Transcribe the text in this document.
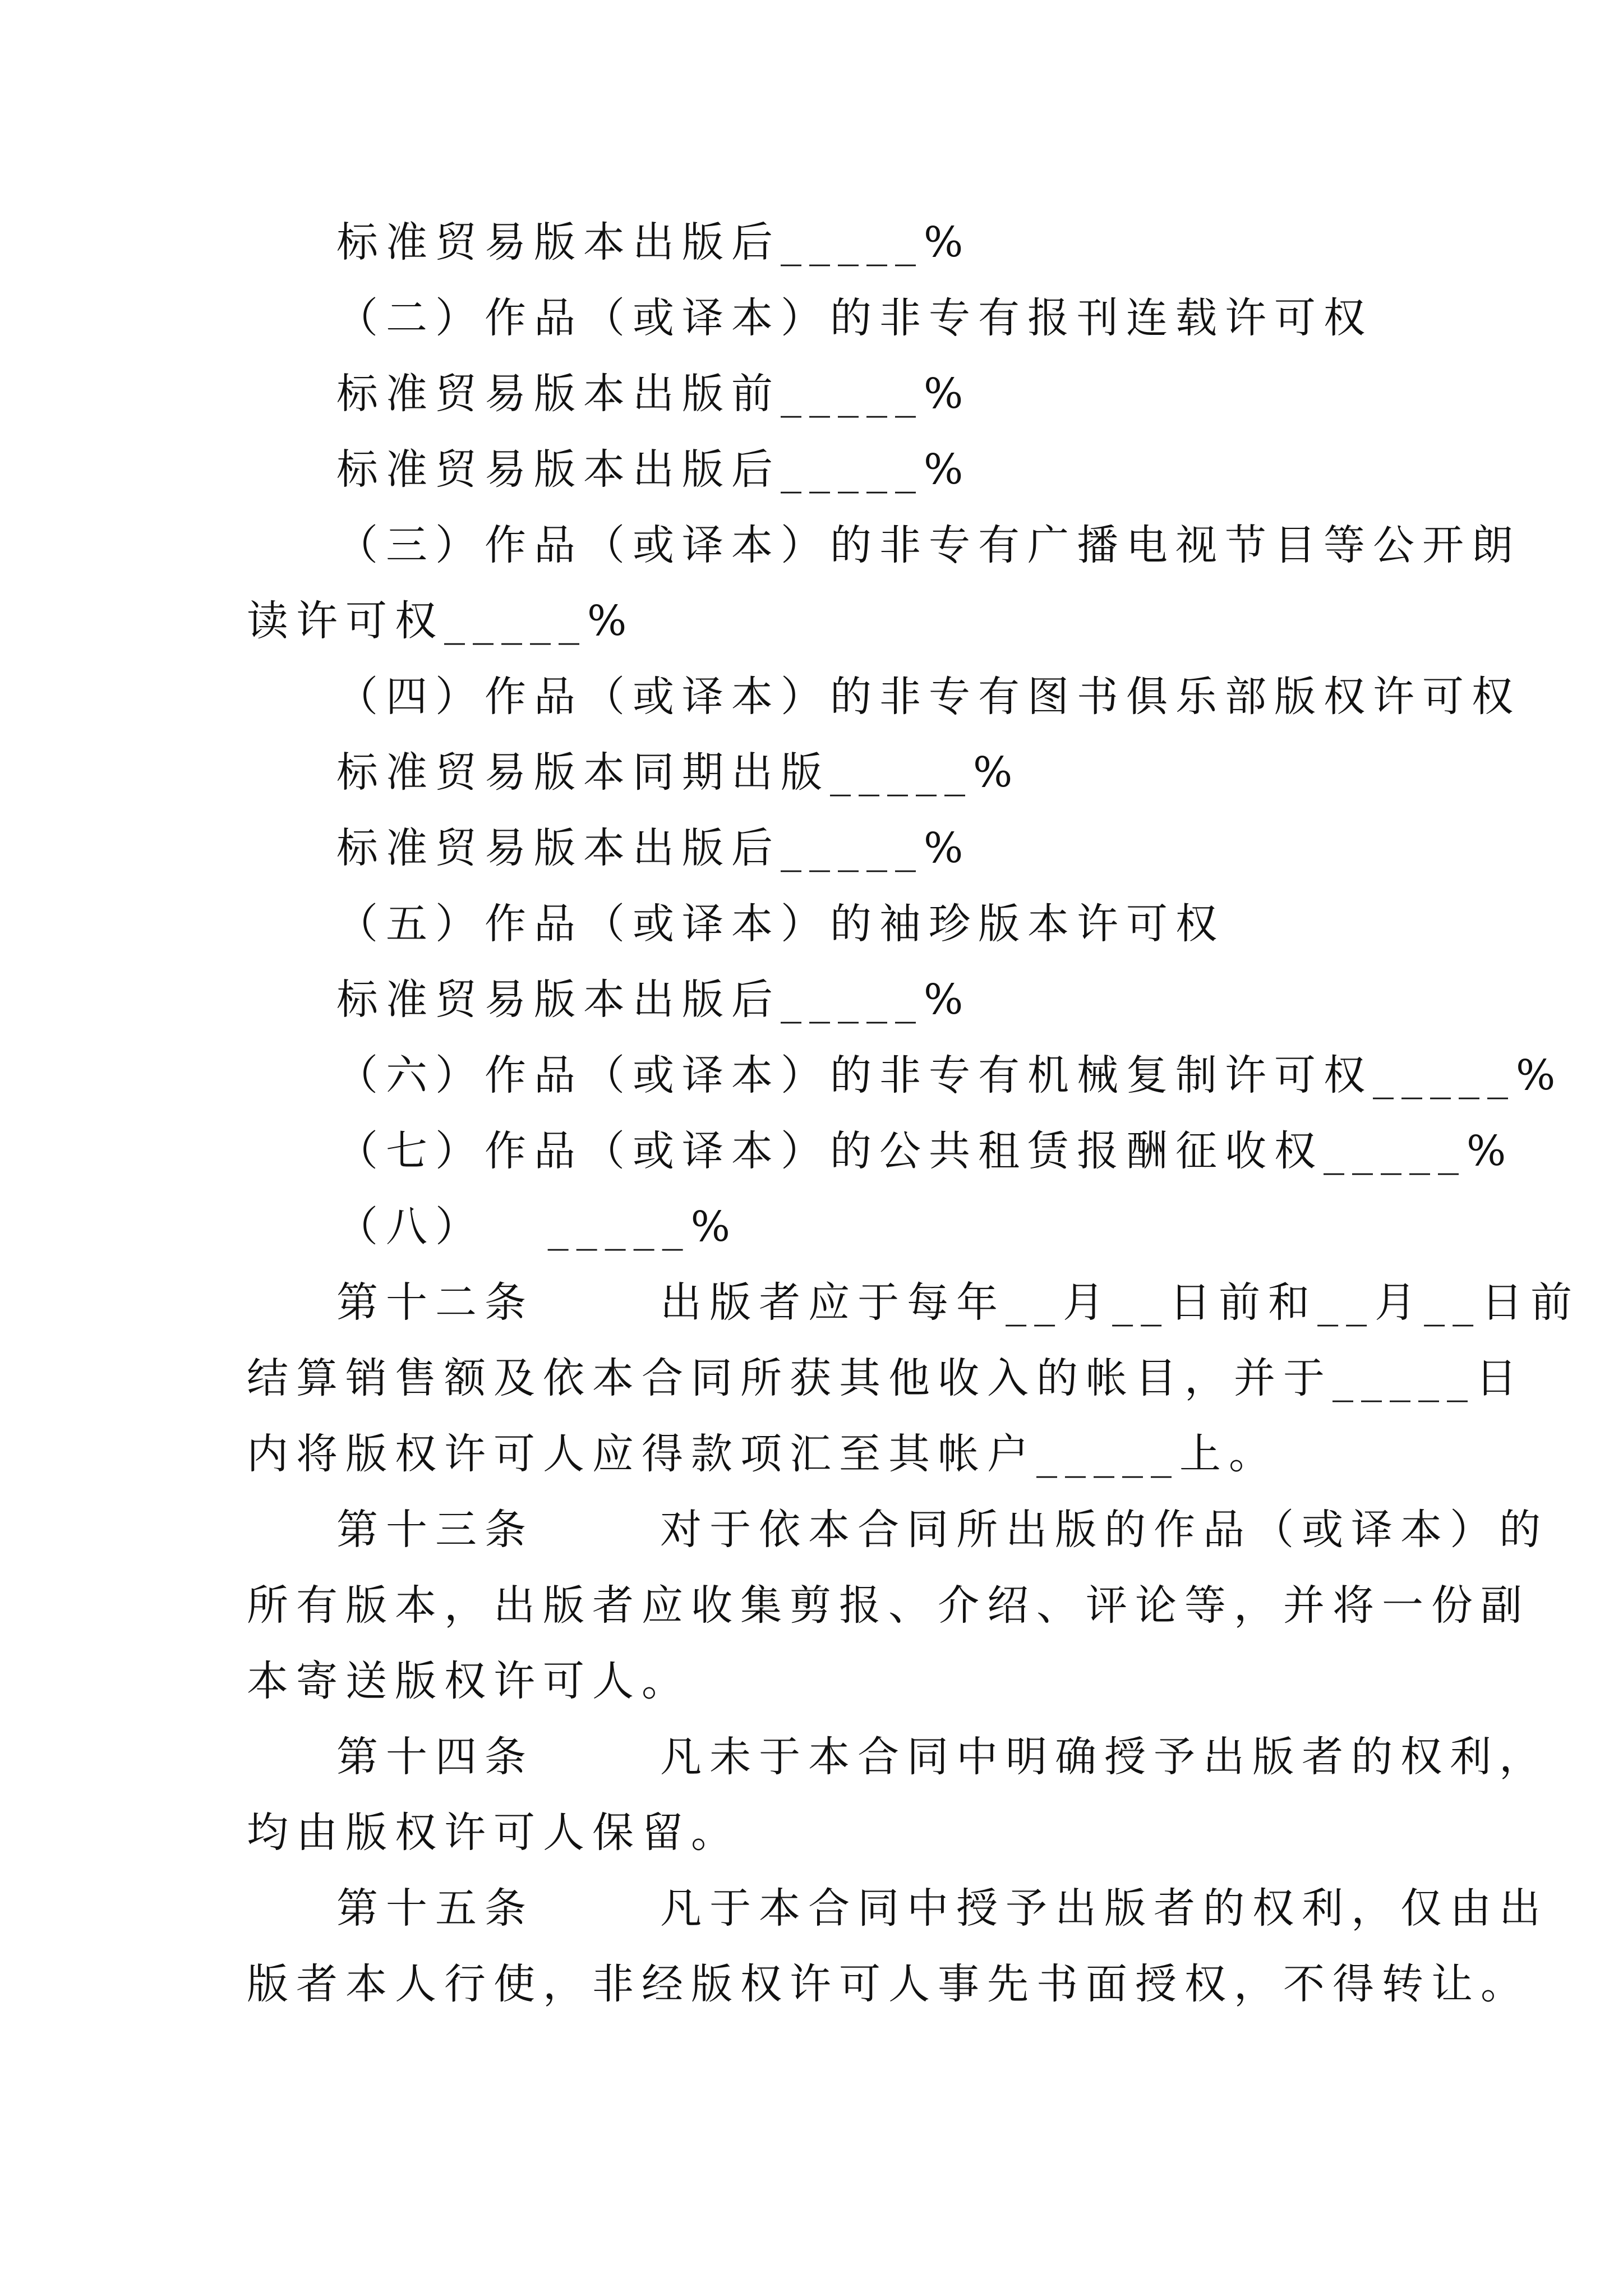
标准贸易版本出版后_____%
（二）作品（或译本）的非专有报刊连载许可权
标准贸易版本出版前_____%
标准贸易版本出版后_____%
（三）作品（或译本）的非专有广播电视节目等公开朗
读许可权_____%
（四）作品（或译本）的非专有图书俱乐部版权许可权
标准贸易版本同期出版_____%
标准贸易版本出版后_____%
（五）作品（或译本）的袖珍版本许可权
标准贸易版本出版后_____%
（六）作品（或译本）的非专有机械复制许可权_____%
（七）作品（或译本）的公共租赁报酬征收权_____%
（八）   _____%
第十二条      出版者应于每年__月__日前和__月__日前
结算销售额及依本合同所获其他收入的帐目，并于_____日
内将版权许可人应得款项汇至其帐户_____上。
第十三条      对于依本合同所出版的作品（或译本）的
所有版本，出版者应收集剪报、介绍、评论等，并将一份副
本寄送版权许可人。
第十四条      凡未于本合同中明确授予出版者的权利，
均由版权许可人保留。
第十五条      凡于本合同中授予出版者的权利，仅由出
版者本人行使，非经版权许可人事先书面授权，不得转让。
